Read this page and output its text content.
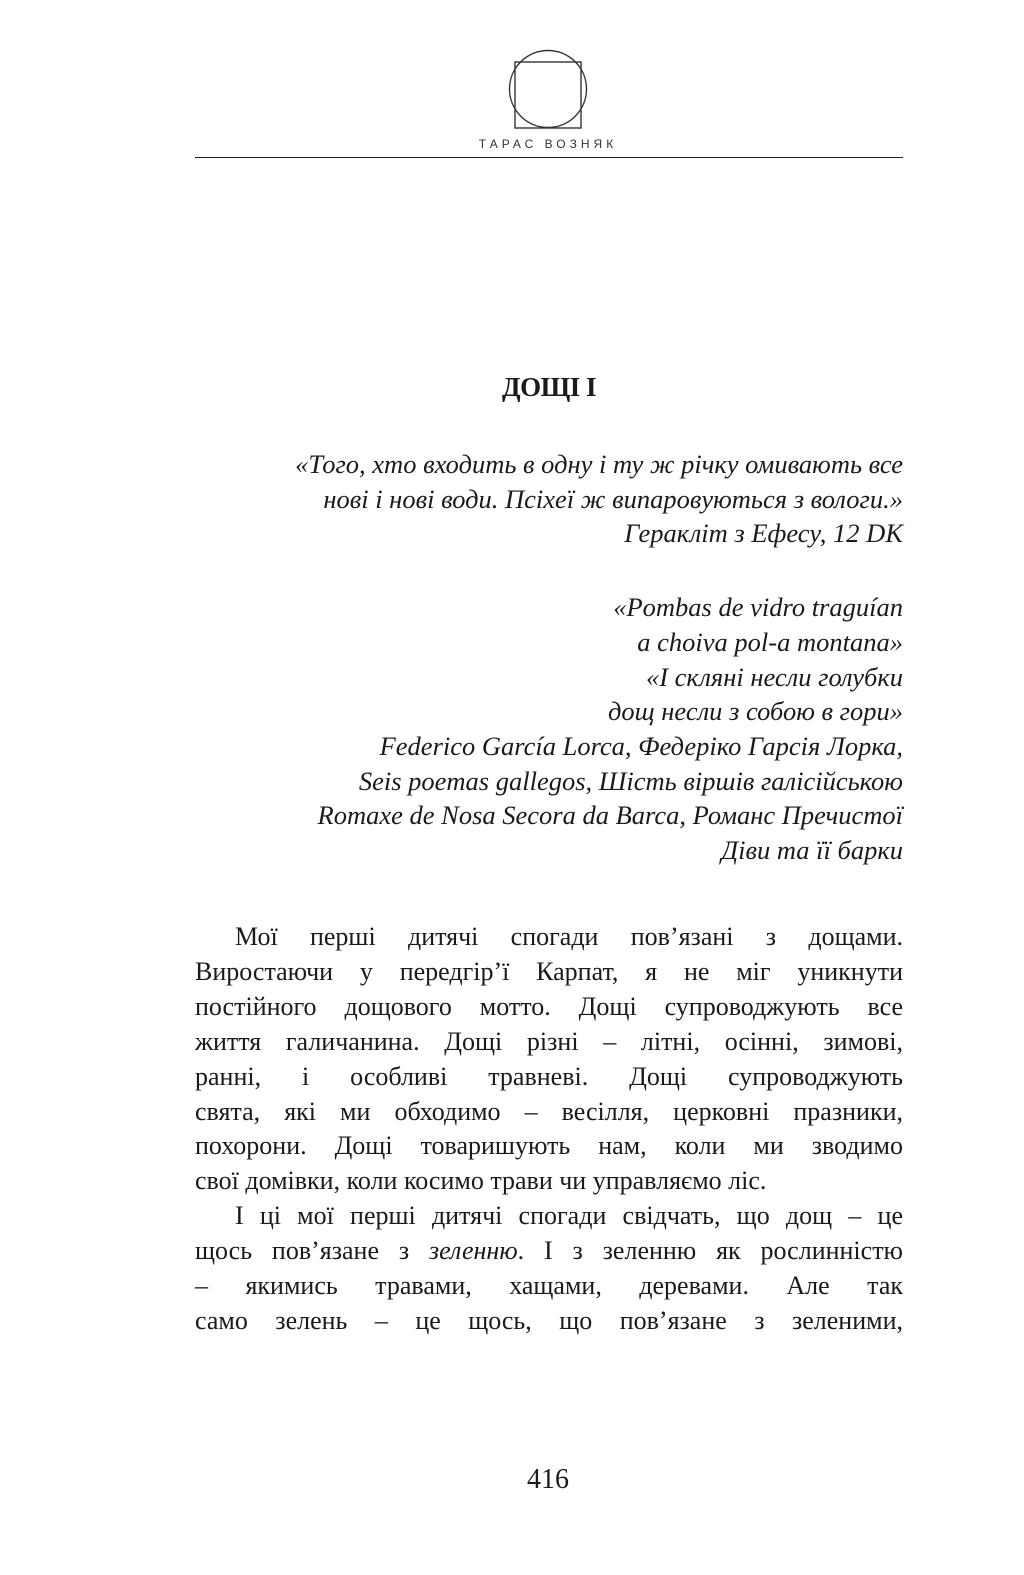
ТАРАС ВОЗНЯК
ДОЩІ І
«Того, хто входить в одну і ту ж річку омивають все
нові і нові води. Псіхеї ж випаровуються з вологи.»
Геракліт з Ефесу, 12 DK
«Pombas de vidro traguían
a choiva pol-a montana»
«І скляні несли голубки
дощ несли з собою в гори»
Federico García Lorca, Федеріко Гарсія Лорка,
Seis poemas gallegos, Шість віршів галісійською
Romaxe de Nosa Secora da Barca, Романс Пречистої
Діви та її барки
Мої перші дитячі спогади пов’язані з дощами.
Виростаючи у передгір’ї Карпат, я не міг уникнути
постійного дощового мотто. Дощі супроводжують все
життя галичанина. Дощі різні – літні, осінні, зимові,
ранні, і особливі травневі. Дощі супроводжують
свята, які ми обходимо – весілля, церковні празники,
похорони. Дощі товаришують нам, коли ми зводимо
свої домівки, коли косимо трави чи управляємо ліс.
І ці мої перші дитячі спогади свідчать, що дощ – це
щось пов’язане з зеленню. І з зеленню як рослинністю
– якимись травами, хащами, деревами. Але так
само зелень – це щось, що пов’язане з зеленими,
416
